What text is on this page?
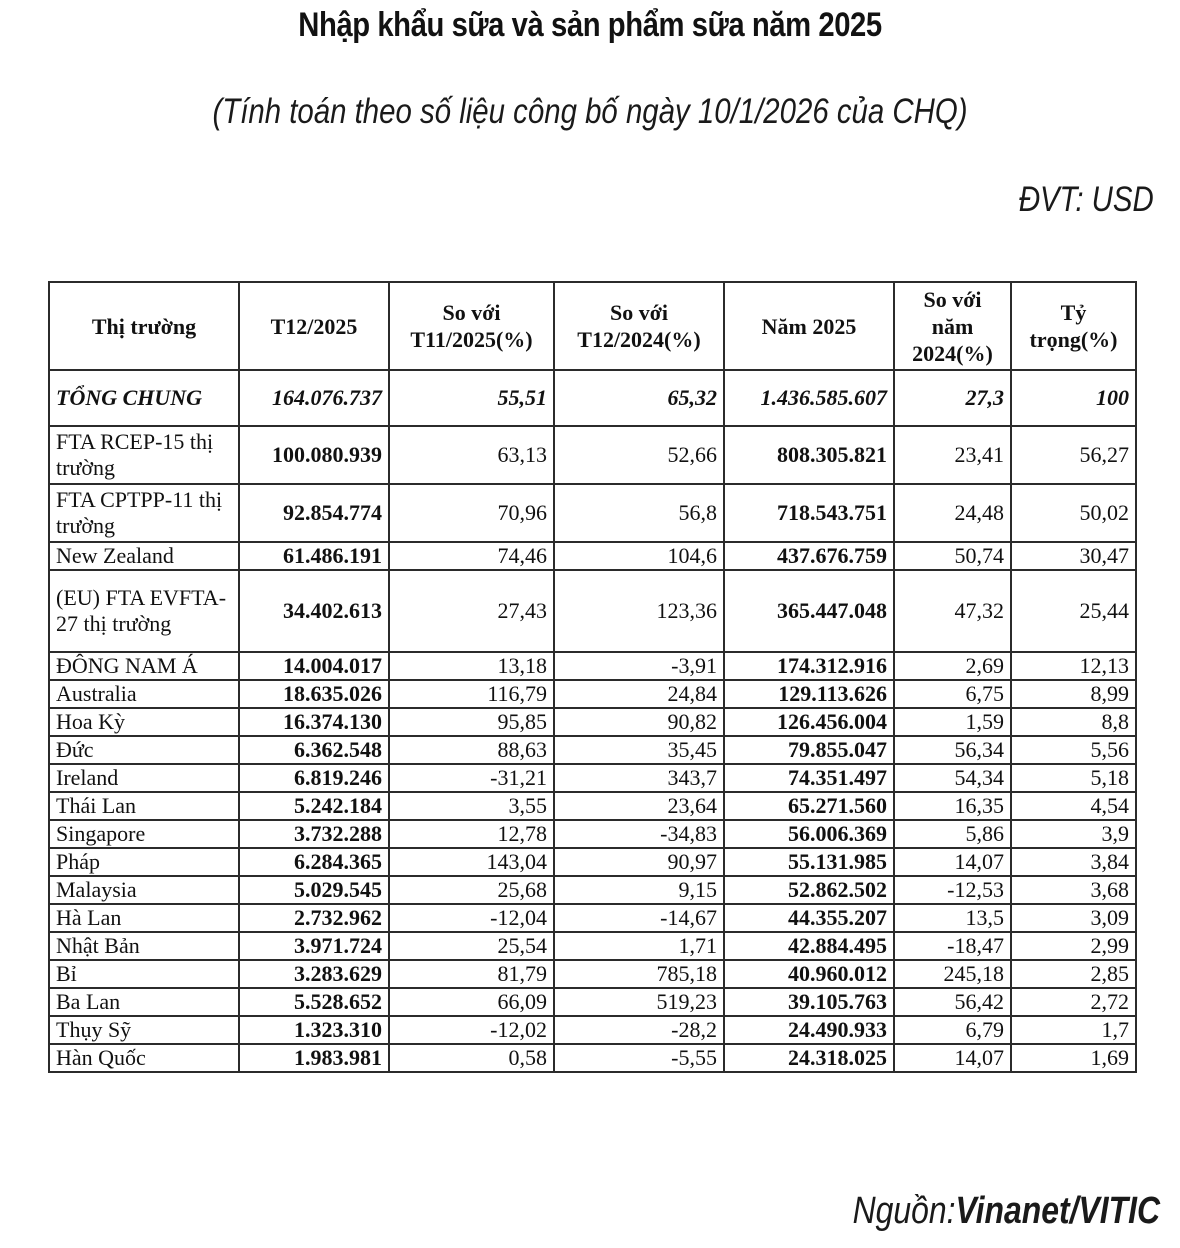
Nhập khẩu sữa và sản phẩm sữa năm 2025
(Tính toán theo số liệu công bố ngày 10/1/2026 của CHQ)
ĐVT: USD
Thị trường	T12/2025	So với T11/2025(%)	So với T12/2024(%)	Năm 2025	So với năm 2024(%)	Tỷ trọng(%)
TỔNG CHUNG	164.076.737	55,51	65,32	1.436.585.607	27,3	100
FTA RCEP-15 thị trường	100.080.939	63,13	52,66	808.305.821	23,41	56,27
FTA CPTPP-11 thị trường	92.854.774	70,96	56,8	718.543.751	24,48	50,02
New Zealand	61.486.191	74,46	104,6	437.676.759	50,74	30,47
(EU) FTA EVFTA-27 thị trường	34.402.613	27,43	123,36	365.447.048	47,32	25,44
ĐÔNG NAM Á	14.004.017	13,18	-3,91	174.312.916	2,69	12,13
Australia	18.635.026	116,79	24,84	129.113.626	6,75	8,99
Hoa Kỳ	16.374.130	95,85	90,82	126.456.004	1,59	8,8
Đức	6.362.548	88,63	35,45	79.855.047	56,34	5,56
Ireland	6.819.246	-31,21	343,7	74.351.497	54,34	5,18
Thái Lan	5.242.184	3,55	23,64	65.271.560	16,35	4,54
Singapore	3.732.288	12,78	-34,83	56.006.369	5,86	3,9
Pháp	6.284.365	143,04	90,97	55.131.985	14,07	3,84
Malaysia	5.029.545	25,68	9,15	52.862.502	-12,53	3,68
Hà Lan	2.732.962	-12,04	-14,67	44.355.207	13,5	3,09
Nhật Bản	3.971.724	25,54	1,71	42.884.495	-18,47	2,99
Bỉ	3.283.629	81,79	785,18	40.960.012	245,18	2,85
Ba Lan	5.528.652	66,09	519,23	39.105.763	56,42	2,72
Thụy Sỹ	1.323.310	-12,02	-28,2	24.490.933	6,79	1,7
Hàn Quốc	1.983.981	0,58	-5,55	24.318.025	14,07	1,69
Nguồn:Vinanet/VITIC
